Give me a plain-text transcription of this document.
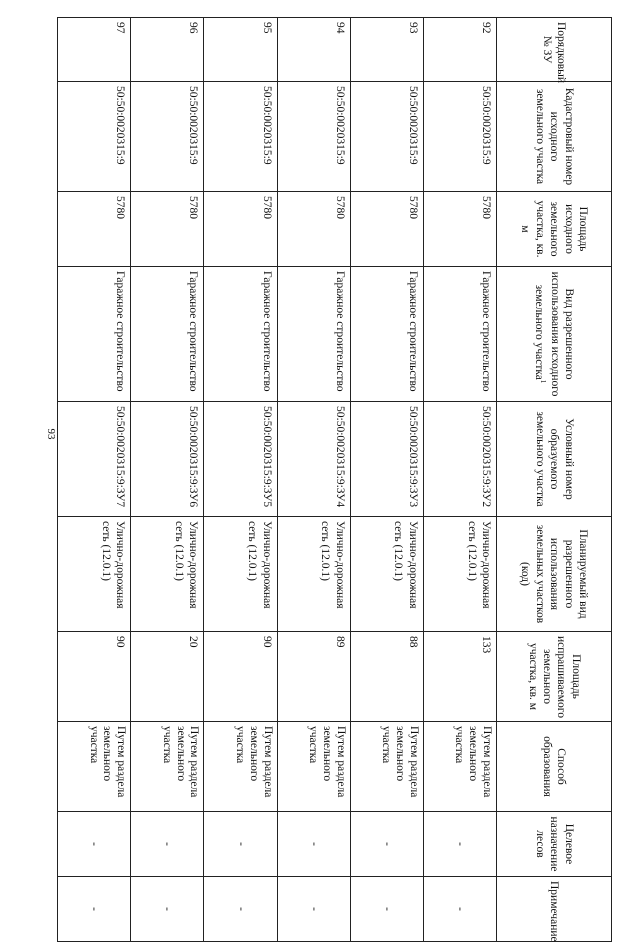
93
Порядковый № ЗУ	Кадастровый номер исходного земельного участка	Площадь исходного земельного участка, кв. м	Вид разрешенного использования исходного земельного участка$^1$	Условный номер образуемого земельного участка	Планируемый вид разрешенного использования земельных участков (код)	Площадь испрашиваемого земельного участка, кв. м	Способ образования	Целевое назначение лесов	Примечание
92	50:50:0020315:9	5780	Гаражное строительство	50:50:0020315:9:ЗУ2	Улично-дорожная сеть (12.0.1)	133	Путем раздела земельного участка	-	-
93	50:50:0020315:9	5780	Гаражное строительство	50:50:0020315:9:ЗУ3	Улично-дорожная сеть (12.0.1)	88	Путем раздела земельного участка	-	-
94	50:50:0020315:9	5780	Гаражное строительство	50:50:0020315:9:ЗУ4	Улично-дорожная сеть (12.0.1)	89	Путем раздела земельного участка	-	-
95	50:50:0020315:9	5780	Гаражное строительство	50:50:0020315:9:ЗУ5	Улично-дорожная сеть (12.0.1)	90	Путем раздела земельного участка	-	-
96	50:50:0020315:9	5780	Гаражное строительство	50:50:0020315:9:ЗУ6	Улично-дорожная сеть (12.0.1)	20	Путем раздела земельного участка	-	-
97	50:50:0020315:9	5780	Гаражное строительство	50:50:0020315:9:ЗУ7	Улично-дорожная сеть (12.0.1)	90	Путем раздела земельного участка	-	-
